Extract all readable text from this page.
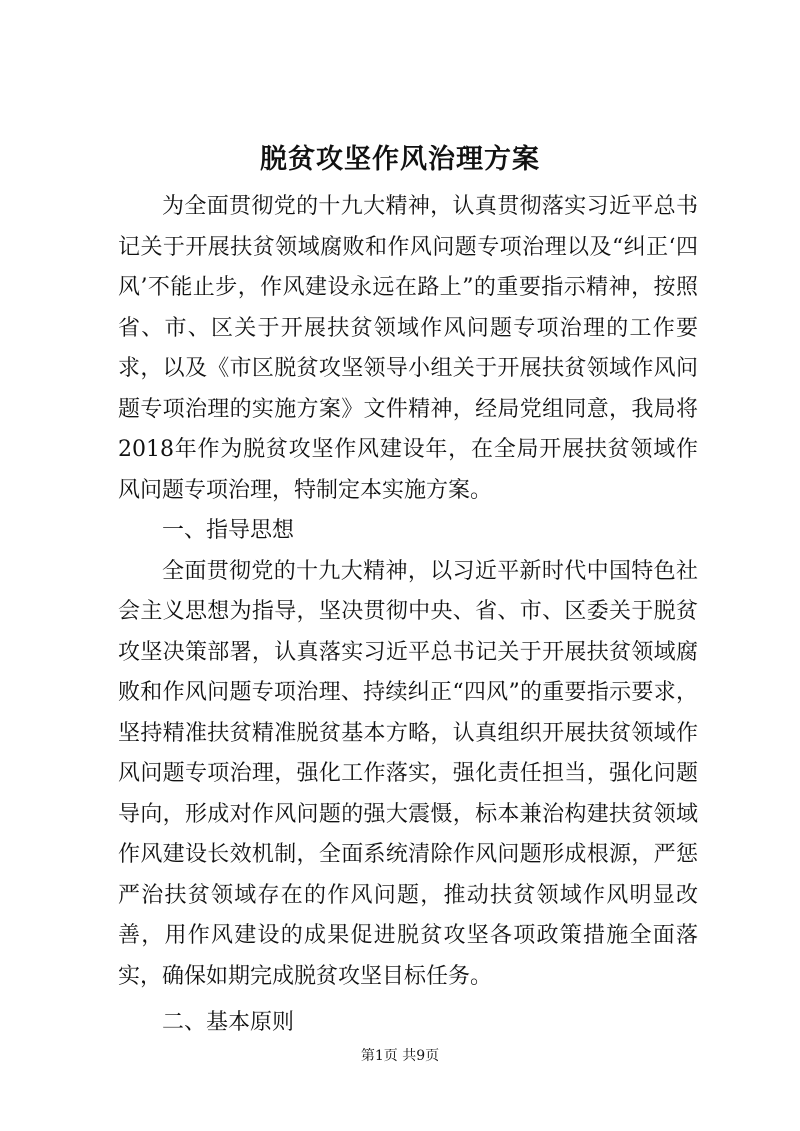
脱贫攻坚作风治理方案

为全面贯彻党的十九大精神，认真贯彻落实习近平总书记关于开展扶贫领域腐败和作风问题专项治理以及“纠正‘四风’不能止步，作风建设永远在路上”的重要指示精神，按照省、市、区关于开展扶贫领域作风问题专项治理的工作要求，以及《市区脱贫攻坚领导小组关于开展扶贫领域作风问题专项治理的实施方案》文件精神，经局党组同意，我局将2018年作为脱贫攻坚作风建设年，在全局开展扶贫领域作风问题专项治理，特制定本实施方案。

一、指导思想

全面贯彻党的十九大精神，以习近平新时代中国特色社会主义思想为指导，坚决贯彻中央、省、市、区委关于脱贫攻坚决策部署，认真落实习近平总书记关于开展扶贫领域腐败和作风问题专项治理、持续纠正“四风”的重要指示要求，坚持精准扶贫精准脱贫基本方略，认真组织开展扶贫领域作风问题专项治理，强化工作落实，强化责任担当，强化问题导向，形成对作风问题的强大震慑，标本兼治构建扶贫领域作风建设长效机制，全面系统清除作风问题形成根源，严惩严治扶贫领域存在的作风问题，推动扶贫领域作风明显改善，用作风建设的成果促进脱贫攻坚各项政策措施全面落实，确保如期完成脱贫攻坚目标任务。

二、基本原则

第1页 共9页
